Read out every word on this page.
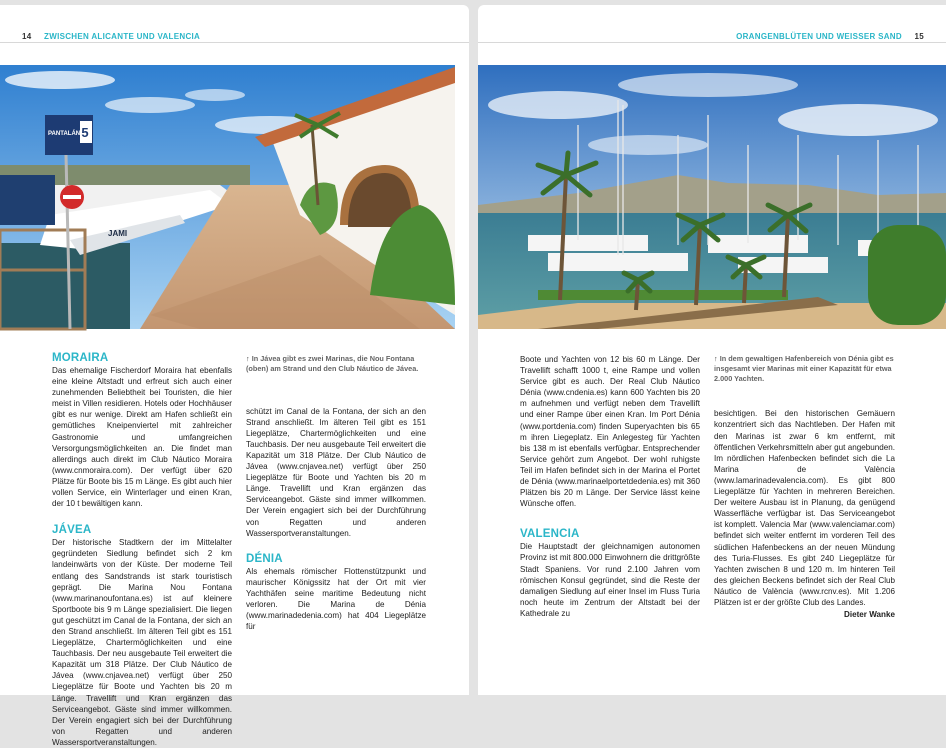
14 ZWISCHEN ALICANTE UND VALENCIA
5
PANTALÁN
JAMI
MORAIRA

Das ehemalige Fischerdorf Moraira hat ebenfalls eine kleine Altstadt und erfreut sich auch einer zunehmenden Beliebtheit bei Touristen, die hier meist in Villen residieren. Hotels oder Hochhäuser gibt es nur wenige. Direkt am Hafen schließt ein gemütliches Kneipenviertel mit zahlreicher Gastronomie und umfangreichen Versorgungsmöglichkeiten an. Die findet man allerdings auch direkt im Club Náutico Moraira (www.cnmoraira.com). Der verfügt über 620 Plätze für Boote bis 15 m Länge. Es gibt auch hier vollen Service, ein Winterlager und einen Kran, der 10 t bewältigen kann.

JÁVEA

Der historische Stadtkern der im Mittelalter gegründeten Siedlung befindet sich 2 km landeinwärts von der Küste. Der moderne Teil entlang des Sandstrands ist stark touristisch geprägt. Die Marina Nou Fontana (www.marinanoufontana.es) ist auf kleinere Sportboote bis 9 m Länge spezialisiert. Die liegen gut geschützt im Canal de la Fontana, der sich an den Strand anschließt. Im älteren Teil gibt es 151 Liegeplätze, Chartermöglichkeiten und eine Tauchbasis. Der neu ausgebaute Teil erweitert die Kapazität um 318 Plätze. Der Club Náutico de Jávea (www.cnjavea.net) verfügt über 250 Liegeplätze für Boote und Yachten bis 20 m Länge. Travellift und Kran ergänzen das Serviceangebot. Gäste sind immer willkommen. Der Verein engagiert sich bei der Durchführung von Regatten und anderen Wassersportveranstaltungen.

↑ In Jávea gibt es zwei Marinas, die Nou Fontana (oben) am Strand und den Club Náutico de Jávea.

schützt im Canal de la Fontana, der sich an den Strand anschließt. Im älteren Teil gibt es 151 Liegeplätze, Chartermöglichkeiten und eine Tauchbasis. Der neu ausgebaute Teil erweitert die Kapazität um 318 Plätze. Der Club Náutico de Jávea (www.cnjavea.net) verfügt über 250 Liegeplätze für Boote und Yachten bis 20 m Länge. Travellift und Kran ergänzen das Serviceangebot. Gäste sind immer willkommen. Der Verein engagiert sich bei der Durchführung von Regatten und anderen Wassersportveranstaltungen.

DÉNIA

Als ehemals römischer Flottenstützpunkt und maurischer Königssitz hat der Ort mit vier Yachthäfen seine maritime Bedeutung nicht verloren. Die Marina de Dénia (www.marinadedenia.com) hat 404 Liegeplätze für

ORANGENBLÜTEN UND WEISSER SAND 15

Boote und Yachten von 12 bis 60 m Länge. Der Travellift schafft 1000 t, eine Rampe und vollen Service gibt es auch. Der Real Club Náutico Dénia (www.cndenia.es) kann 600 Yachten bis 20 m aufnehmen und verfügt neben dem Travellift und einer Rampe über einen Kran. Im Port Dénia (www.portdenia.com) finden Superyachten bis 65 m ihren Liegeplatz. Ein Anlegesteg für Yachten bis 138 m ist ebenfalls verfügbar. Entsprechender Service gehört zum Angebot. Der wohl ruhigste Teil im Hafen befindet sich in der Marina el Portet de Dénia (www.marinaelportetdedenia.es) mit 360 Plätzen bis 20 m Länge. Der Service lässt keine Wünsche offen.

VALENCIA

Die Hauptstadt der gleichnamigen autonomen Provinz ist mit 800.000 Einwohnern die drittgrößte Stadt Spaniens. Vor rund 2.100 Jahren vom römischen Konsul gegründet, sind die Reste der damaligen Siedlung auf einer Insel im Fluss Turia noch heute im Zentrum der Altstadt bei der Kathedrale zu

↑ In dem gewaltigen Hafenbereich von Dénia gibt es insgesamt vier Marinas mit einer Kapazität für etwa 2.000 Yachten.

besichtigen. Bei den historischen Gemäuern konzentriert sich das Nachtleben. Der Hafen mit den Marinas ist zwar 6 km entfernt, mit öffentlichen Verkehrsmitteln aber gut angebunden. Im nördlichen Hafenbecken befindet sich die La Marina de València (www.lamarinadevalencia.com). Es gibt 800 Liegeplätze für Yachten in mehreren Bereichen. Der weitere Ausbau ist in Planung, da genügend Wasserfläche verfügbar ist. Das Serviceangebot ist komplett. Valencia Mar (www.valenciamar.com) befindet sich weiter entfernt im vorderen Teil des südlichen Hafenbeckens an der neuen Mündung des Turia-Flusses. Es gibt 240 Liegeplätze für Yachten zwischen 8 und 120 m. Im hinteren Teil des gleichen Beckens befindet sich der Real Club Náutico de València (www.rcnv.es). Mit 1.206 Plätzen ist er der größte Club des Landes.

Dieter Wanke
